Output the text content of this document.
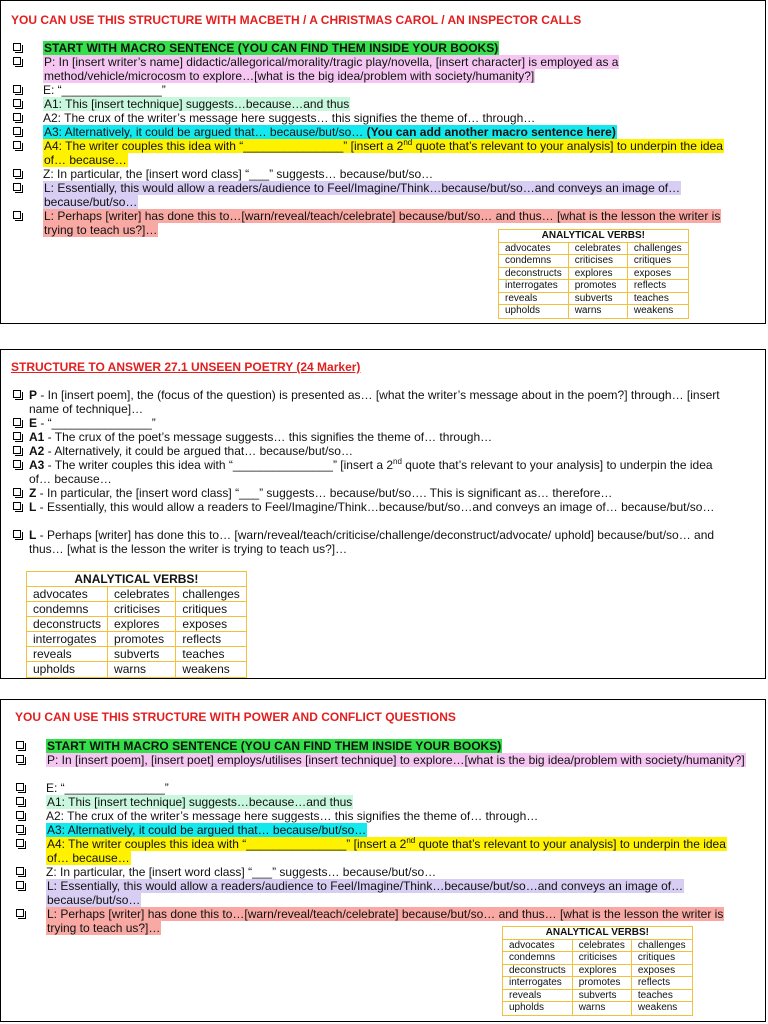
YOU CAN USE THIS STRUCTURE WITH MACBETH / A CHRISTMAS CAROL / AN INSPECTOR CALLS
START WITH MACRO SENTENCE (YOU CAN FIND THEM INSIDE YOUR BOOKS)
P: In [insert writer’s name] didactic/allegorical/morality/tragic play/novella, [insert character] is employed as a method/vehicle/microcosm to explore…[what is the big idea/problem with society/humanity?]
E: “_______________”
A1: This [insert technique] suggests…because…and thus
A2: The crux of the writer’s message here suggests… this signifies the theme of… through…
A3: Alternatively, it could be argued that… because/but/so… (You can add another macro sentence here)
A4: The writer couples this idea with “_______________” [insert a 2nd quote that’s relevant to your analysis] to underpin the idea of… because…
Z: In particular, the [insert word class] “___” suggests… because/but/so…
L: Essentially, this would allow a readers/audience to Feel/Imagine/Think…because/but/so…and conveys an image of…because/but/so…
L: Perhaps [writer] has done this to…[warn/reveal/teach/celebrate] because/but/so… and thus… [what is the lesson the writer is trying to teach us?]…	ANALYTICAL VERBS!		
advocates	celebrates	challenges
condemns	criticises	critiques
deconstructs	explores	exposes
interrogates	promotes	reflects
reveals	subverts	teaches
upholds	warns	weakens
STRUCTURE TO ANSWER 27.1 UNSEEN POETRY (24 Marker)
P - In [insert poem], the (focus of the question) is presented as… [what the writer’s message about in the poem?] through… [insert name of technique]…
E - “_______________”
A1 - The crux of the poet’s message suggests… this signifies the theme of… through…
A2 - Alternatively, it could be argued that… because/but/so…
A3 - The writer couples this idea with “_______________” [insert a 2nd quote that’s relevant to your analysis] to underpin the idea of… because…
Z - In particular, the [insert word class] “___” suggests… because/but/so…. This is significant as… therefore…
L - Essentially, this would allow a readers to Feel/Imagine/Think…because/but/so…and conveys an image of… because/but/so…
L - Perhaps [writer] has done this to… [warn/reveal/teach/criticise/challenge/deconstruct/advocate/ uphold] because/but/so… and thus… [what is the lesson the writer is trying to teach us?]…
ANALYTICAL VERBS!		
advocates	celebrates	challenges
condemns	criticises	critiques
deconstructs	explores	exposes
interrogates	promotes	reflects
reveals	subverts	teaches
upholds	warns	weakens
YOU CAN USE THIS STRUCTURE WITH POWER AND CONFLICT QUESTIONS
START WITH MACRO SENTENCE (YOU CAN FIND THEM INSIDE YOUR BOOKS)
P: In [insert poem], [insert poet] employs/utilises [insert technique] to explore…[what is the big idea/problem with society/humanity?]
E: “_______________”
A1: This [insert technique] suggests…because…and thus
A2: The crux of the writer’s message here suggests… this signifies the theme of… through…
A3: Alternatively, it could be argued that… because/but/so…
A4: The writer couples this idea with “_______________” [insert a 2nd quote that’s relevant to your analysis] to underpin the idea of… because…
Z: In particular, the [insert word class] “___” suggests… because/but/so…
L: Essentially, this would allow a readers/audience to Feel/Imagine/Think…because/but/so…and conveys an image of…because/but/so…
L: Perhaps [writer] has done this to…[warn/reveal/teach/celebrate] because/but/so… and thus… [what is the lesson the writer is trying to teach us?]…	ANALYTICAL VERBS!		
advocates	celebrates	challenges
condemns	criticises	critiques
deconstructs	explores	exposes
interrogates	promotes	reflects
reveals	subverts	teaches
upholds	warns	weakens
